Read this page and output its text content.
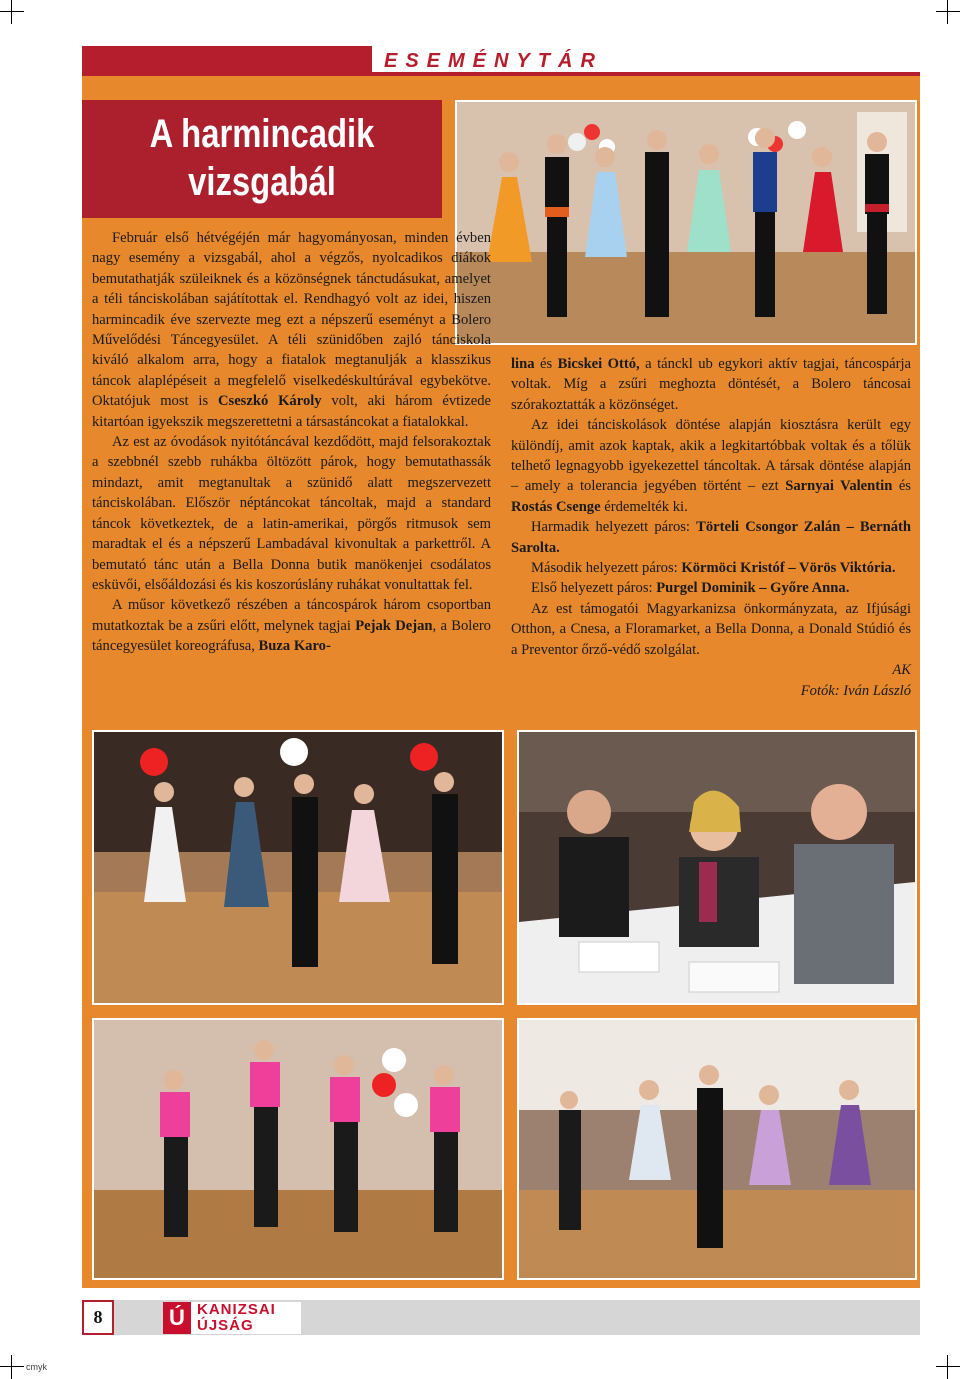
cmyk
ESEMÉNYTÁR
A harmincadik
vizsgabál

Február első hétvégéjén már hagyományosan, minden évben nagy esemény a vizsgabál, ahol a végzős, nyolcadikos diákok bemutathatják szüleiknek és a közönségnek tánctudásukat, amelyet a téli tánciskolában sajátítottak el. Rendhagyó volt az idei, hiszen harmincadik éve szervezte meg ezt a népszerű eseményt a Bolero Művelődési Táncegyesület. A téli szünidőben zajló tánciskola kiváló alkalom arra, hogy a fiatalok megtanulják a klasszikus táncok alaplépéseit a megfelelő viselkedéskultúrával egybekötve. Oktatójuk most is Cseszkó Károly volt, aki három évtizede kitartóan igyekszik megszerettetni a társastáncokat a fiatalokkal.

Az est az óvodások nyitótáncával kezdődött, majd felsorakoztak a szebbnél szebb ruhákba öltözött párok, hogy bemutathassák mindazt, amit megtanultak a szünidő alatt megszervezett tánciskolában. Először néptáncokat táncoltak, majd a standard táncok következtek, de a latin-amerikai, pörgős ritmusok sem maradtak el és a népszerű Lambadával kivonultak a parkettről. A bemutató tánc után a Bella Donna butik manökenjei csodálatos esküvői, elsőáldozási és kis koszorúslány ruhákat vonultattak fel.

A műsor következő részében a táncospárok három csoportban mutatkoztak be a zsűri előtt, melynek tagjai Pejak Dejan, a Bolero táncegyesület koreográfusa, Buza Karo-

lina és Bicskei Ottó, a tánckl ub egykori aktív tagjai, táncospárja voltak. Míg a zsűri meghozta döntését, a Bolero táncosai szórakoztatták a közönséget.

Az idei tánciskolások döntése alapján kiosztásra került egy különdíj, amit azok kaptak, akik a legkitartóbbak voltak és a tőlük telhető legnagyobb igyekezettel táncoltak. A társak döntése alapján – amely a tolerancia jegyében történt – ezt Sarnyai Valentin és Rostás Csenge érdemelték ki.

Harmadik helyezett páros: Törteli Csongor Zalán – Bernáth Sarolta.

Második helyezett páros: Körmöci Kristóf – Vörös Viktória.

Első helyezett páros: Purgel Dominik – Győre Anna.

Az est támogatói Magyarkanizsa önkormányzata, az Ifjúsági Otthon, a Cnesa, a Floramarket, a Bella Donna, a Donald Stúdió és a Preventor őrző-védő szolgálat.

AK

Fotók: Iván László

8	Ú KANIZSAI
ÚJSÁG
